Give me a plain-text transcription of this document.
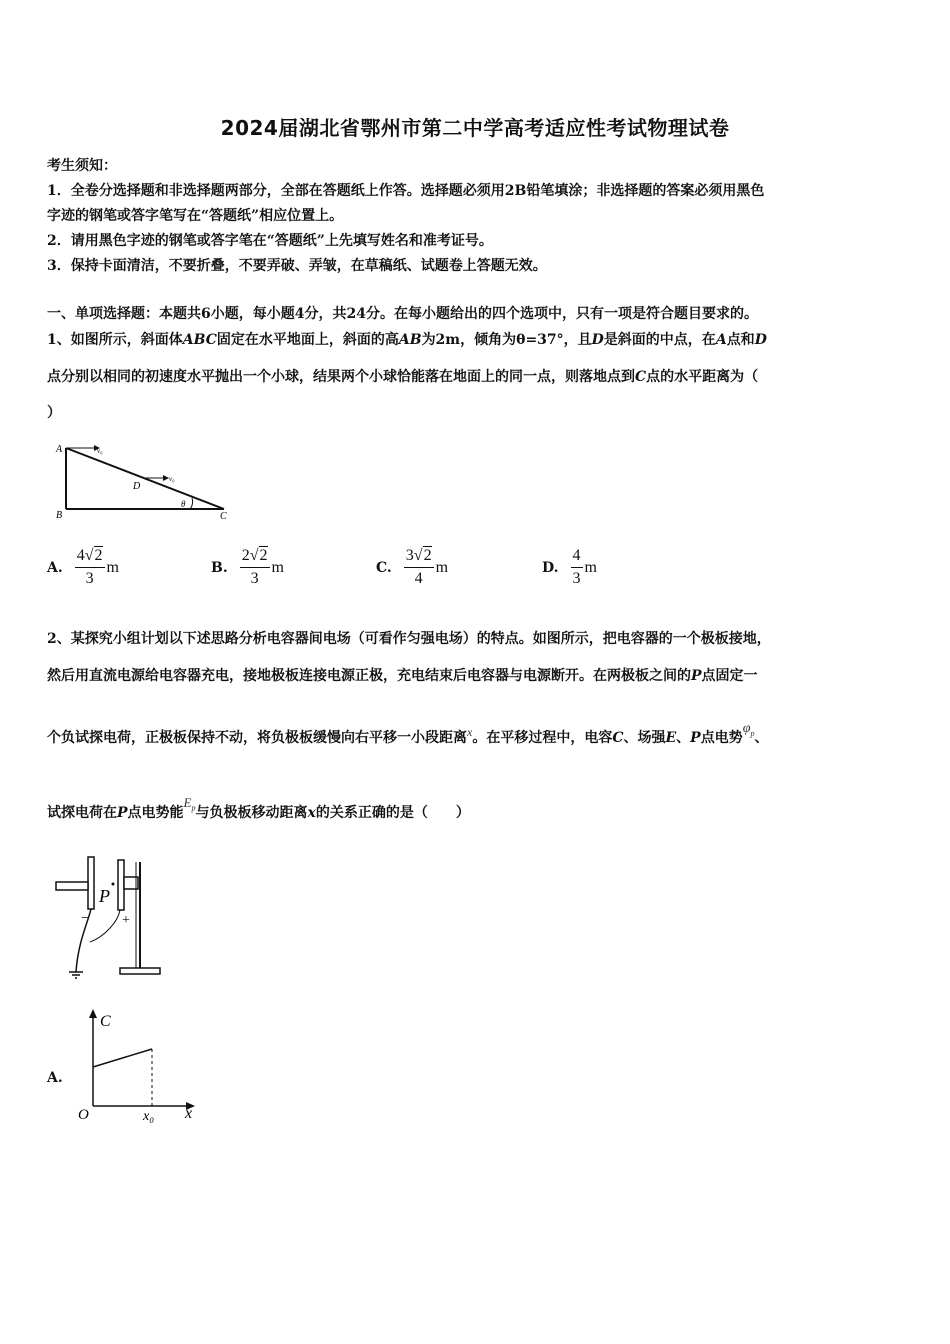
2024届湖北省鄂州市第二中学高考适应性考试物理试卷
考生须知：
1．全卷分选择题和非选择题两部分，全部在答题纸上作答。选择题必须用2B铅笔填涂；非选择题的答案必须用黑色
字迹的钢笔或答字笔写在“答题纸”相应位置上。
2．请用黑色字迹的钢笔或答字笔在“答题纸”上先填写姓名和准考证号。
3．保持卡面清洁，不要折叠，不要弄破、弄皱，在草稿纸、试题卷上答题无效。
一、单项选择题：本题共6小题，每小题4分，共24分。在每小题给出的四个选项中，只有一项是符合题目要求的。
1、如图所示，斜面体ABC固定在水平地面上，斜面的高AB为2m，倾角为θ=37°，且D是斜面的中点，在A点和D
点分别以相同的初速度水平抛出一个小球，结果两个小球恰能落在地面上的同一点，则落地点到C点的水平距离为（
）
A
B	C
D
θ
v₀
v₀
A. $\frac{4√2}{3}$ m	B. $\frac{2√2}{3}$ m	C. $\frac{3√2}{4}$ m	D. $\frac{4}{3}$ m
2、某探究小组计划以下述思路分析电容器间电场（可看作匀强电场）的特点。如图所示，把电容器的一个极板接地，
然后用直流电源给电容器充电，接地极板连接电源正极，充电结束后电容器与电源断开。在两极板之间的P点固定一
个负试探电荷，正极板保持不动，将负极板缓慢向右平移一小段距离x。在平移过程中，电容C、场强E、P点电势$\varphi_p$、
试探电荷在P点电势能$E_p$与负极板移动距离x的关系正确的是（　　）
P
− +
A.
C
x
O	x₀
